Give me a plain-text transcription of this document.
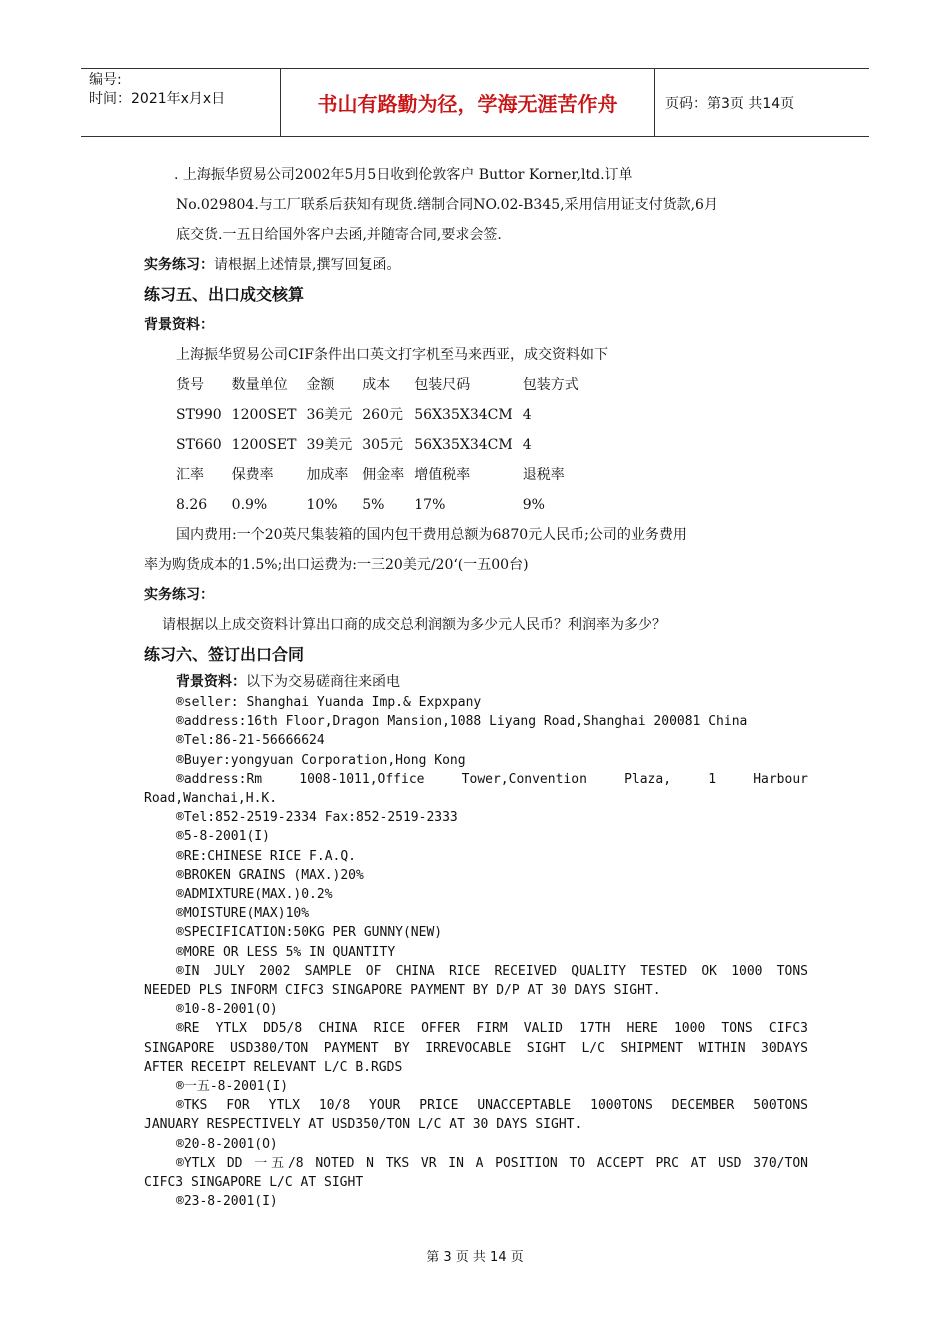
编号:
时间：2021年x月x日	书山有路勤为径，学海无涯苦作舟	页码：第3页 共14页
. 上海振华贸易公司2002年5月5日收到伦敦客户 Buttor Korner,ltd.订单
No.029804.与工厂联系后获知有现货.缮制合同NO.02-B345,采用信用证支付货款,6月
底交货.一五日给国外客户去函,并随寄合同,要求会签.
实务练习：请根据上述情景,撰写回复函。
练习五、出口成交核算
背景资料：
上海振华贸易公司CIF条件出口英文打字机至马来西亚，成交资料如下
货号	数量单位	金额	成本	包装尺码	包装方式
ST990	1200SET	36美元	260元	56X35X34CM	4
ST660	1200SET	39美元	305元	56X35X34CM	4
汇率	保费率	加成率	佣金率	增值税率	退税率
8.26	0.9%	10%	5%	17%	9%
国内费用:一个20英尺集装箱的国内包干费用总额为6870元人民币;公司的业务费用
率为购货成本的1.5%;出口运费为:一三20美元/20‘(一五00台)
实务练习：
请根据以上成交资料计算出口商的成交总利润额为多少元人民币？利润率为多少？
练习六、签订出口合同
背景资料：以下为交易磋商往来函电
®seller: Shanghai Yuanda Imp.& Expxpany
®address:16th Floor,Dragon Mansion,1088 Liyang Road,Shanghai 200081 China
®Tel:86-21-56666624
®Buyer:yongyuan Corporation,Hong Kong
®address:Rm 1008-1011,Office Tower,Convention Plaza, 1 Harbour
Road,Wanchai,H.K.
®Tel:852-2519-2334 Fax:852-2519-2333
®5-8-2001(I)
®RE:CHINESE RICE F.A.Q.
®BROKEN GRAINS (MAX.)20%
®ADMIXTURE(MAX.)0.2%
®MOISTURE(MAX)10%
®SPECIFICATION:50KG PER GUNNY(NEW)
®MORE OR LESS 5% IN QUANTITY
®IN JULY 2002 SAMPLE OF CHINA RICE RECEIVED QUALITY TESTED OK 1000 TONS
NEEDED PLS INFORM CIFC3 SINGAPORE PAYMENT BY D/P AT 30 DAYS SIGHT.
®10-8-2001(O)
®RE YTLX DD5/8 CHINA RICE OFFER FIRM VALID 17TH HERE 1000 TONS CIFC3
SINGAPORE USD380/TON PAYMENT BY IRREVOCABLE SIGHT L/C SHIPMENT WITHIN 30DAYS
AFTER RECEIPT RELEVANT L/C B.RGDS
®一五-8-2001(I)
®TKS FOR YTLX 10/8 YOUR PRICE UNACCEPTABLE 1000TONS DECEMBER 500TONS
JANUARY RESPECTIVELY AT USD350/TON L/C AT 30 DAYS SIGHT.
®20-8-2001(O)
®YTLX DD 一五/8 NOTED N TKS VR IN A POSITION TO ACCEPT PRC AT USD 370/TON
CIFC3 SINGAPORE L/C AT SIGHT
®23-8-2001(I)
第 3 页 共 14 页
